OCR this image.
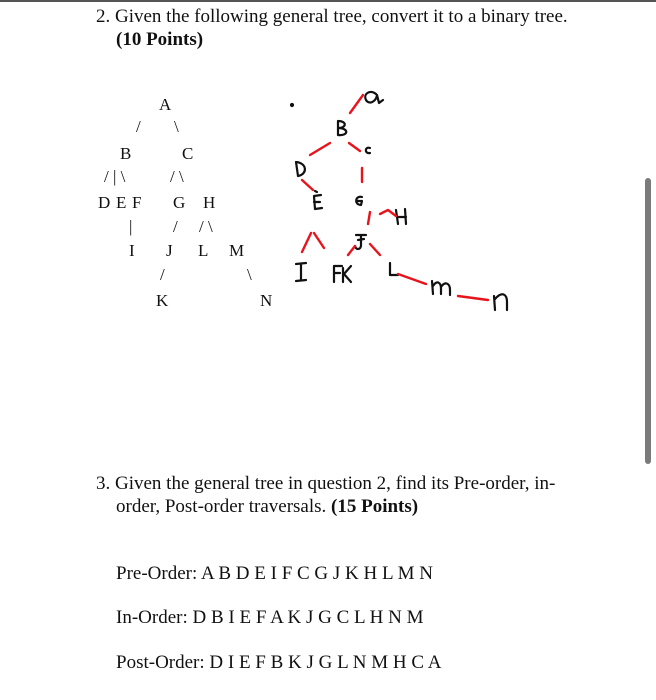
2. Given the following general tree, convert it to a binary tree.
(10 Points)
A
/ \
B	C
/ | \	/ \
D E F G H
| / / \
I J L M
/	\
K	N
3. Given the general tree in question 2, find its Pre-order, in-
order, Post-order traversals. (15 Points)
Pre-Order: A B D E I F C G J K H L M N
In-Order: D B I E F A K J G C L H N M
Post-Order: D I E F B K J G L N M H C A
